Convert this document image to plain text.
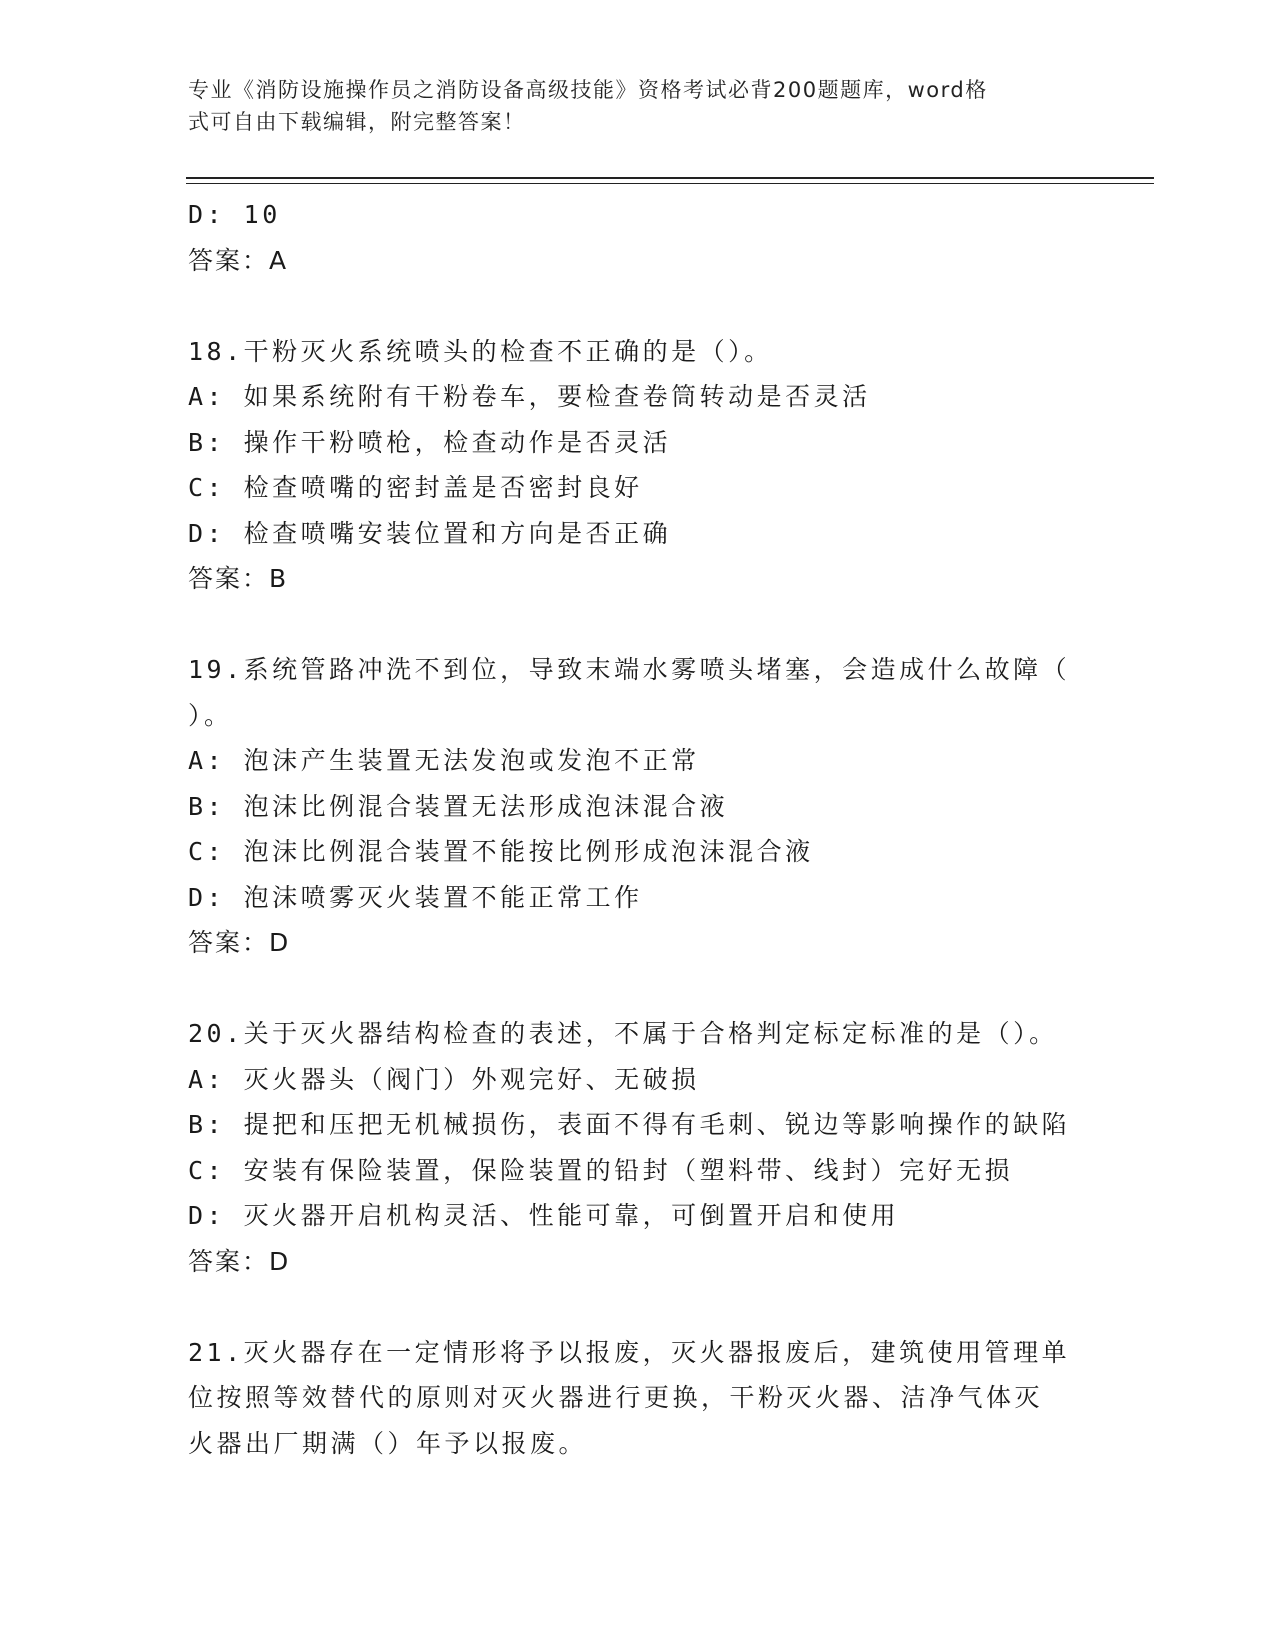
专业《消防设施操作员之消防设备高级技能》资格考试必背200题题库，word格
式可自由下载编辑，附完整答案！
D: 10
答案：A
18.干粉灭火系统喷头的检查不正确的是（）。
A: 如果系统附有干粉卷车，要检查卷筒转动是否灵活
B: 操作干粉喷枪，检查动作是否灵活
C: 检查喷嘴的密封盖是否密封良好
D: 检查喷嘴安装位置和方向是否正确
答案：B
19.系统管路冲洗不到位，导致末端水雾喷头堵塞，会造成什么故障（
）。
A: 泡沫产生装置无法发泡或发泡不正常
B: 泡沫比例混合装置无法形成泡沫混合液
C: 泡沫比例混合装置不能按比例形成泡沫混合液
D: 泡沫喷雾灭火装置不能正常工作
答案：D
20.关于灭火器结构检查的表述，不属于合格判定标定标准的是（）。
A: 灭火器头（阀门）外观完好、无破损
B: 提把和压把无机械损伤，表面不得有毛刺、锐边等影响操作的缺陷
C: 安装有保险装置，保险装置的铅封（塑料带、线封）完好无损
D: 灭火器开启机构灵活、性能可靠，可倒置开启和使用
答案：D
21.灭火器存在一定情形将予以报废，灭火器报废后，建筑使用管理单
位按照等效替代的原则对灭火器进行更换，干粉灭火器、洁净气体灭
火器出厂期满（）年予以报废。
